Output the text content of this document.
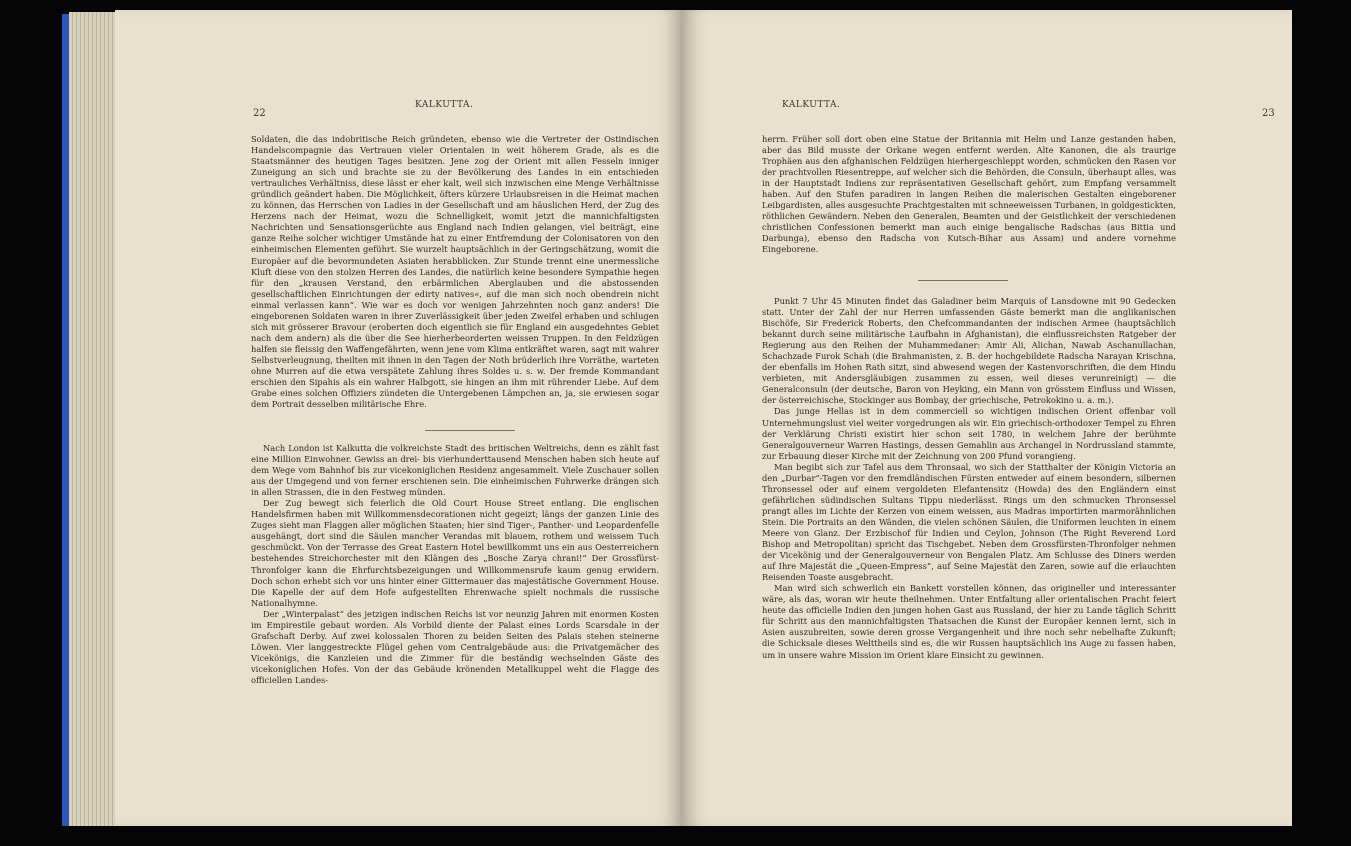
22
KALKUTTA.

Soldaten, die das indobritische Reich gründeten, ebenso wie die Vertreter der Ostindischen Handelscompagnie das Vertrauen vieler Orientalen in weit höherem Grade, als es die Staatsmänner des heutigen Tages besitzen. Jene zog der Orient mit allen Fesseln inniger Zuneigung an sich und brachte sie zu der Bevölkerung des Landes in ein entschieden vertrauliches Verhältniss, diese lässt er eher kalt, weil sich inzwischen eine Menge Verhältnisse gründlich geändert haben. Die Möglichkeit, öfters kürzere Urlaubsreisen in die Heimat machen zu können, das Herrschen von Ladies in der Gesellschaft und am häuslichen Herd, der Zug des Herzens nach der Heimat, wozu die Schnelligkeit, womit jetzt die mannichfaltigsten Nachrichten und Sensationsgerüchte aus England nach Indien gelangen, viel beiträgt, eine ganze Reihe solcher wichtiger Umstände hat zu einer Entfremdung der Colonisatoren von den einheimischen Elementen geführt. Sie wurzelt hauptsächlich in der Geringschätzung, womit die Europäer auf die bevormundeten Asiaten herabblicken. Zur Stunde trennt eine unermessliche Kluft diese von den stolzen Herren des Landes, die natürlich keine besondere Sympathie hegen für den „krausen Verstand, den erbärmlichen Aberglauben und die abstossenden gesellschaftlichen Einrichtungen der edirty natives«, auf die man sich noch obendrein nicht einmal verlassen kann“. Wie war es doch vor wenigen Jahrzehnten noch ganz anders! Die eingeborenen Soldaten waren in ihrer Zuverlässigkeit über jeden Zweifel erhaben und schlugen sich mit grösserer Bravour (eroberten doch eigentlich sie für England ein ausgedehntes Gebiet nach dem andern) als die über die See hierherbeorderten weissen Truppen. In den Feldzügen halfen sie fleissig den Waffengefährten, wenn jene vom Klima entkräftet waren, sagt mit wahrer Selbstverleugnung, theilten mit ihnen in den Tagen der Noth brüderlich ihre Vorräthe, warteten ohne Murren auf die etwa verspätete Zahlung ihres Soldes u. s. w. Der fremde Kommandant erschien den Sipahis als ein wahrer Halbgott, sie hingen an ihm mit rührender Liebe. Auf dem Grabe eines solchen Offiziers zündeten die Untergebenen Lämpchen an, ja, sie erwiesen sogar dem Portrait desselben militärische Ehre.

Nach London ist Kalkutta die volkreichste Stadt des britischen Weltreichs, denn es zählt fast eine Million Einwohner. Gewiss an drei- bis vierhunderttausend Menschen haben sich heute auf dem Wege vom Bahnhof bis zur vicekoniglichen Residenz angesammelt. Viele Zuschauer sollen aus der Umgegend und von ferner erschienen sein. Die einheimischen Fuhrwerke drängen sich in allen Strassen, die in den Festweg münden.

Der Zug bewegt sich feierlich die Old Court House Street entlang. Die englischen Handelsfirmen haben mit Willkommensdecorationen nicht gegeizt; längs der ganzen Linie des Zuges sieht man Flaggen aller möglichen Staaten; hier sind Tiger-, Panther- und Leopardenfelle ausgehängt, dort sind die Säulen mancher Verandas mit blauem, rothem und weissem Tuch geschmückt. Von der Terrasse des Great Eastern Hotel bewillkommt uns ein aus Oesterreichern bestehendes Streichorchester mit den Klängen des „Bosche Zarya chrani!“ Der Grossfürst-Thronfolger kann die Ehrfurchtsbezeigungen und Willkommensrufe kaum genug erwidern. Doch schon erhebt sich vor uns hinter einer Gittermauer das majestätische Government House. Die Kapelle der auf dem Hofe aufgestellten Ehrenwache spielt nochmals die russische Nationalhymne.

Der „Winterpalast“ des jetzigen indischen Reichs ist vor neunzig Jahren mit enormen Kosten im Empirestile gebaut worden. Als Vorbild diente der Palast eines Lords Scarsdale in der Grafschaft Derby. Auf zwei kolossalen Thoren zu beiden Seiten des Palais stehen steinerne Löwen. Vier langgestreckte Flügel gehen vom Centralgebäude aus: die Privatgemächer des Vicekönigs, die Kanzleien und die Zimmer für die beständig wechselnden Gäste des vicekoniglichen Hofes. Von der das Gebäude krönenden Metallkuppel weht die Flagge des officiellen Landes-

KALKUTTA.
23

herrn. Früher soll dort oben eine Statue der Britannia mit Helm und Lanze gestanden haben, aber das Bild musste der Orkane wegen entfernt werden. Alte Kanonen, die als traurige Trophäen aus den afghanischen Feldzügen hierhergeschleppt worden, schmücken den Rasen vor der prachtvollen Riesentreppe, auf welcher sich die Behörden, die Consuln, überhaupt alles, was in der Hauptstadt Indiens zur repräsentativen Gesellschaft gehört, zum Empfang versammelt haben. Auf den Stufen paradiren in langen Reihen die malerischen Gestalten eingeborener Leibgardisten, alles ausgesuchte Prachtgestalten mit schneeweissen Turbanen, in goldgestickten, röthlichen Gewändern. Neben den Generalen, Beamten und der Geistlichkeit der verschiedenen christlichen Confessionen bemerkt man auch einige bengalische Radschas (aus Bittia und Darbunga), ebenso den Radscha von Kutsch-Bihar aus Assam) und andere vornehme Eingeborene.

Punkt 7 Uhr 45 Minuten findet das Galadiner beim Marquis of Lansdowne mit 90 Gedecken statt. Unter der Zahl der nur Herren umfassenden Gäste bemerkt man die anglikanischen Bischöfe, Sir Frederick Roberts, den Chefcommandanten der indischen Armee (hauptsächlich bekannt durch seine militärische Laufbahn in Afghanistan), die einflussreichsten Ratgeber der Regierung aus den Reihen der Muhammedaner: Amir Ali, Alichan, Nawab Aschanullachan, Schachzade Furok Schah (die Brahmanisten, z. B. der hochgebildete Radscha Narayan Krischna, der ebenfalls im Hohen Rath sitzt, sind abwesend wegen der Kastenvorschriften, die dem Hindu verbieten, mit Andersgläubigen zusammen zu essen, weil dieses verunreinigt) — die Generalconsuln (der deutsche, Baron von Heyking, ein Mann von grösstem Einfluss und Wissen, der österreichische, Stockinger aus Bombay, der griechische, Petrokokino u. a. m.).

Das junge Hellas ist in dem commerciell so wichtigen indischen Orient offenbar voll Unternehmungslust viel weiter vorgedrungen als wir. Ein griechisch-orthodoxer Tempel zu Ehren der Verklärung Christi existirt hier schon seit 1780, in welchem Jahre der berühmte Generalgouverneur Warren Hastings, dessen Gemahlin aus Archangel in Nordrussland stammte, zur Erbauung dieser Kirche mit der Zeichnung von 200 Pfund vorangieng.

Man begibt sich zur Tafel aus dem Thronsaal, wo sich der Statthalter der Königin Victoria an den „Durbar“-Tagen vor den fremdländischen Fürsten entweder auf einem besondern, silbernen Thronsessel oder auf einem vergoldeten Elefantensitz (Howda) des den Engländern einst gefährlichen südindischen Sultans Tippu niederlässt. Rings um den schmucken Thronsessel prangt alles im Lichte der Kerzen von einem weissen, aus Madras importirten marmorähnlichen Stein. Die Portraits an den Wänden, die vielen schönen Säulen, die Uniformen leuchten in einem Meere von Glanz. Der Erzbischof für Indien und Ceylon, Johnson (The Right Reverend Lord Bishop and Metropolitan) spricht das Tischgebet. Neben dem Grossfürsten-Thronfolger nehmen der Vicekönig und der Generalgouverneur von Bengalen Platz. Am Schlusse des Diners werden auf Ihre Majestät die „Queen-Empress“, auf Seine Majestät den Zaren, sowie auf die erlauchten Reisenden Toaste ausgebracht.

Man wird sich schwerlich ein Bankett vorstellen können, das origineller und interessanter wäre, als das, woran wir heute theilnehmen. Unter Entfaltung aller orientalischen Pracht feiert heute das officielle Indien den jungen hohen Gast aus Russland, der hier zu Lande täglich Schritt für Schritt aus den mannichfaltigsten Thatsachen die Kunst der Europäer kennen lernt, sich in Asien auszubreiten, sowie deren grosse Vergangenheit und ihre noch sehr nebelhafte Zukunft; die Schicksale dieses Welttheils sind es, die wir Russen hauptsächlich ins Auge zu fassen haben, um in unsere wahre Mission im Orient klare Einsicht zu gewinnen.
